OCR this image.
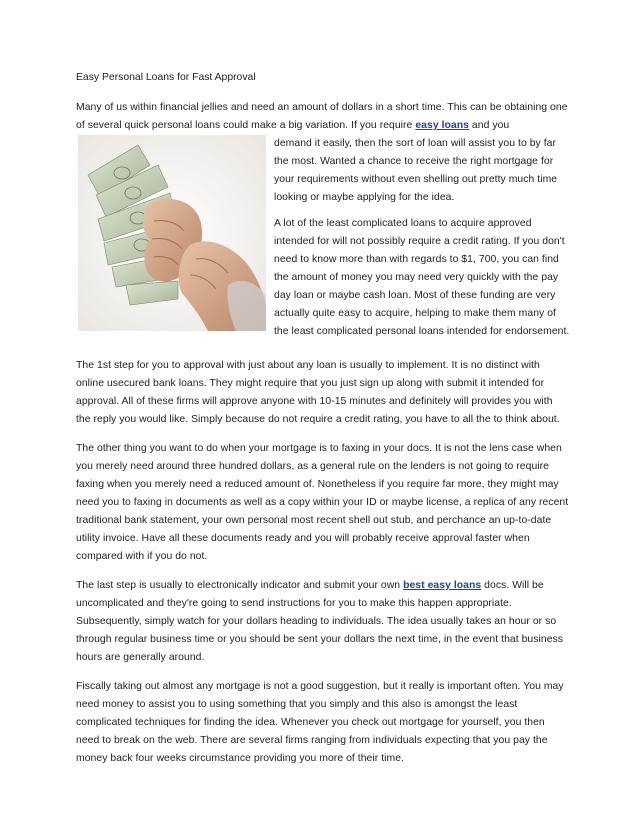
Easy Personal Loans for Fast Approval

Many of us within financial jellies and need an amount of dollars in a short time. This can be obtaining one of several quick personal loans could make a big variation. If you require easy loans and you

demand it easily, then the sort of loan will assist you to by far the most. Wanted a chance to receive the right mortgage for your requirements without even shelling out pretty much time looking or maybe applying for the idea.

A lot of the least complicated loans to acquire approved intended for will not possibly require a credit rating. If you don't need to know more than with regards to $1, 700, you can find the amount of money you may need very quickly with the pay day loan or maybe cash loan. Most of these funding are very actually quite easy to acquire, helping to make them many of the least complicated personal loans intended for endorsement.

The 1st step for you to approval with just about any loan is usually to implement. It is no distinct with online usecured bank loans. They might require that you just sign up along with submit it intended for approval. All of these firms will approve anyone with 10-15 minutes and definitely will provides you with the reply you would like. Simply because do not require a credit rating, you have to all the to think about.

The other thing you want to do when your mortgage is to faxing in your docs. It is not the lens case when you merely need around three hundred dollars, as a general rule on the lenders is not going to require faxing when you merely need a reduced amount of. Nonetheless if you require far more, they might may need you to faxing in documents as well as a copy within your ID or maybe license, a replica of any recent traditional bank statement, your own personal most recent shell out stub, and perchance an up-to-date utility invoice. Have all these documents ready and you will probably receive approval faster when compared with if you do not.

The last step is usually to electronically indicator and submit your own best easy loans docs. Will be uncomplicated and they're going to send instructions for you to make this happen appropriate. Subsequently, simply watch for your dollars heading to individuals. The idea usually takes an hour or so through regular business time or you should be sent your dollars the next time, in the event that business hours are generally around.

Fiscally taking out almost any mortgage is not a good suggestion, but it really is important often. You may need money to assist you to using something that you simply and this also is amongst the least complicated techniques for finding the idea. Whenever you check out mortgage for yourself, you then need to break on the web. There are several firms ranging from individuals expecting that you pay the money back four weeks circumstance providing you more of their time.
